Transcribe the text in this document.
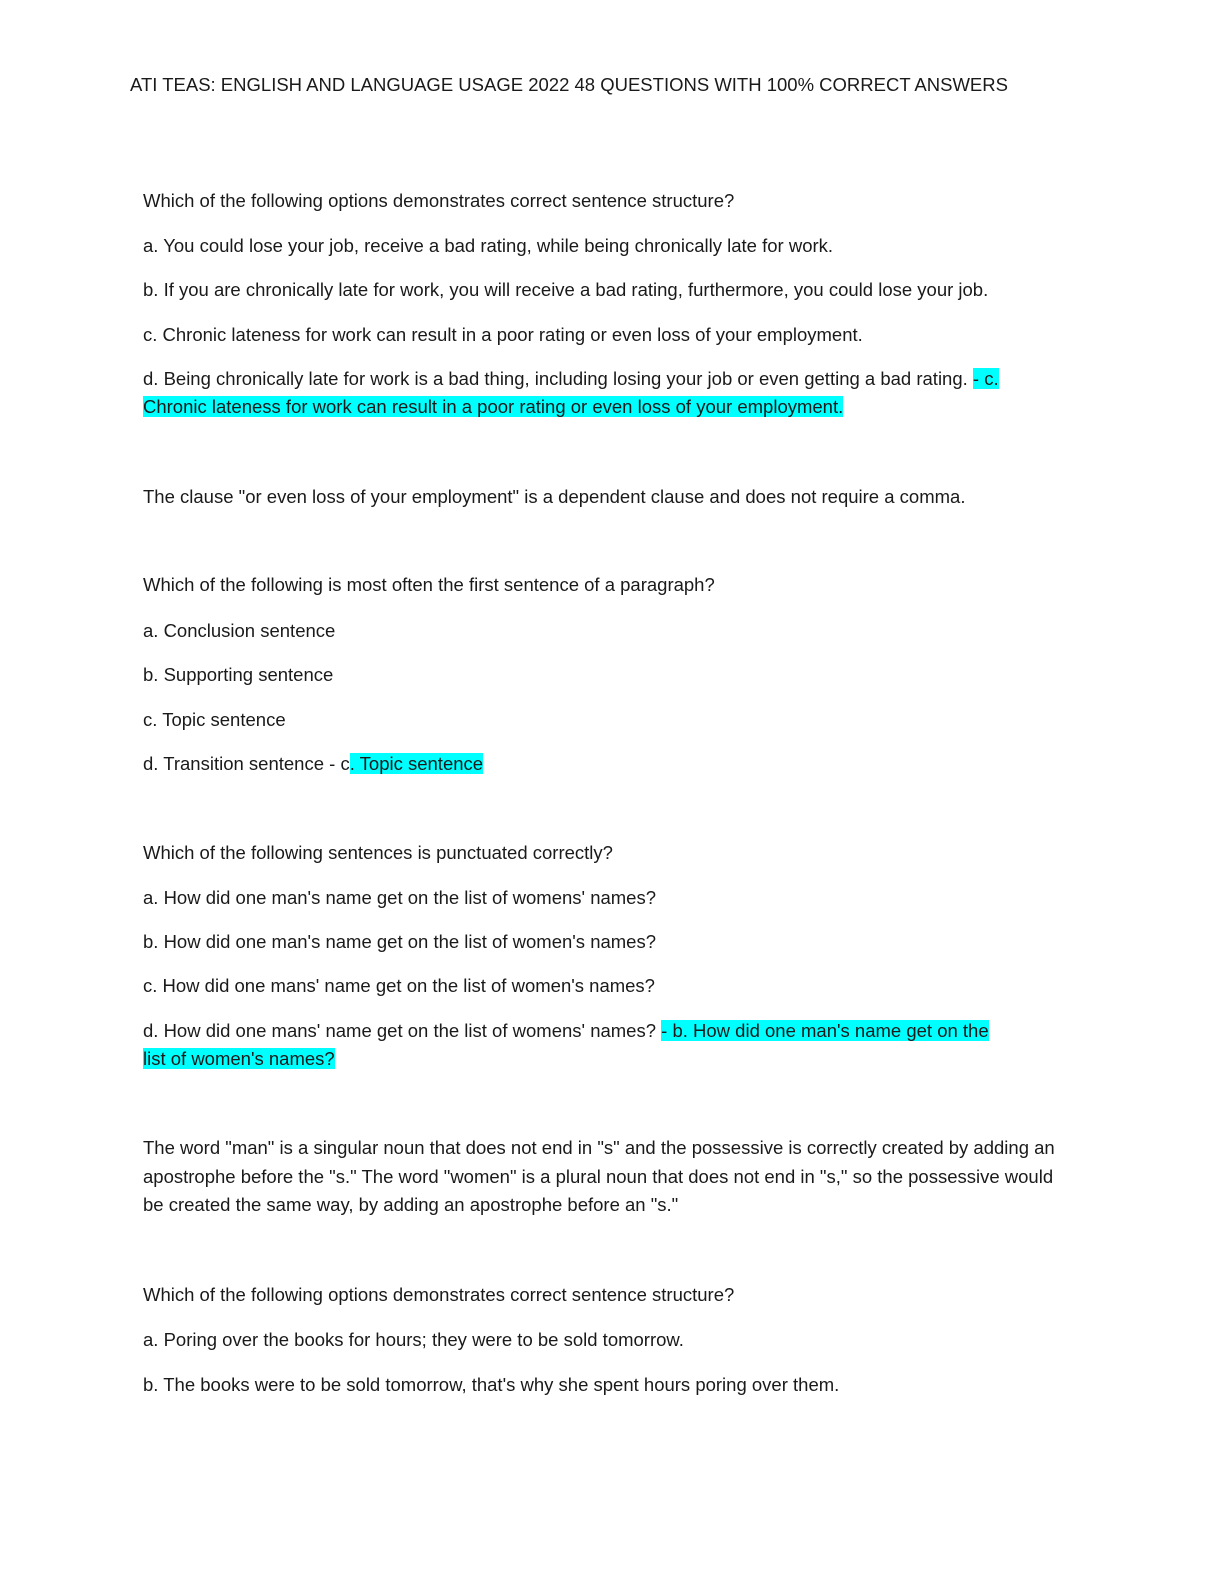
ATI TEAS: ENGLISH AND LANGUAGE USAGE 2022 48 QUESTIONS WITH 100% CORRECT ANSWERS
Which of the following options demonstrates correct sentence structure?
a. You could lose your job, receive a bad rating, while being chronically late for work.
b. If you are chronically late for work, you will receive a bad rating, furthermore, you could lose your job.
c. Chronic lateness for work can result in a poor rating or even loss of your employment.
d. Being chronically late for work is a bad thing, including losing your job or even getting a bad rating. - c.
Chronic lateness for work can result in a poor rating or even loss of your employment.
The clause "or even loss of your employment" is a dependent clause and does not require a comma.
Which of the following is most often the first sentence of a paragraph?
a. Conclusion sentence
b. Supporting sentence
c. Topic sentence
d. Transition sentence - c. Topic sentence
Which of the following sentences is punctuated correctly?
a. How did one man's name get on the list of womens' names?
b. How did one man's name get on the list of women's names?
c. How did one mans' name get on the list of women's names?
d. How did one mans' name get on the list of womens' names? - b. How did one man's name get on the
list of women's names?
The word "man" is a singular noun that does not end in "s" and the possessive is correctly created by adding an apostrophe before the "s." The word "women" is a plural noun that does not end in "s," so the possessive would be created the same way, by adding an apostrophe before an "s."
Which of the following options demonstrates correct sentence structure?
a. Poring over the books for hours; they were to be sold tomorrow.
b. The books were to be sold tomorrow, that's why she spent hours poring over them.
